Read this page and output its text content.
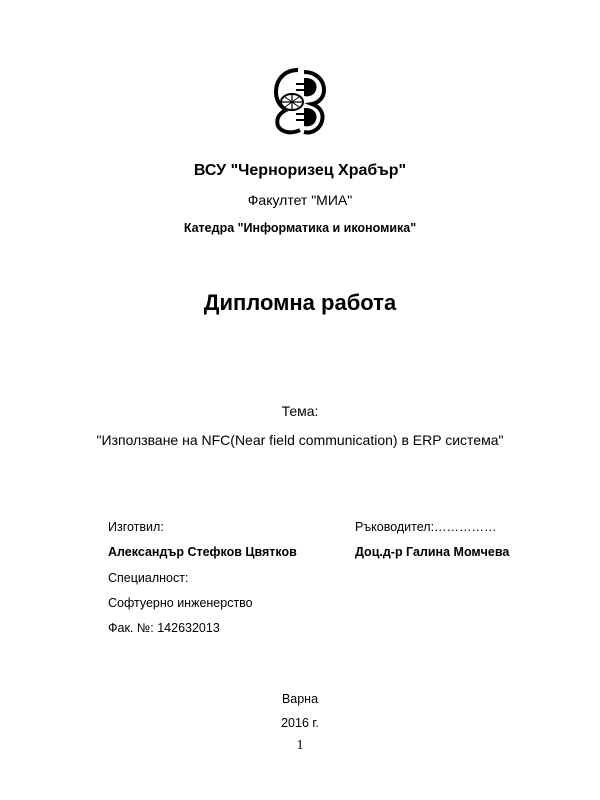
ВСУ "Черноризец Храбър"
Факултет "МИА"
Катедра "Информатика и икономика"
Дипломна работа
Тема:
"Използване на NFC(Near field communication) в ERP система"
Изготвил:
Александър Стефков Цвятков
Специалност:
Софтуерно инженерство
Фак. №: 142632013
Ръководител:……………
Доц.д-р Галина Момчева
Варна
2016 г.
1
